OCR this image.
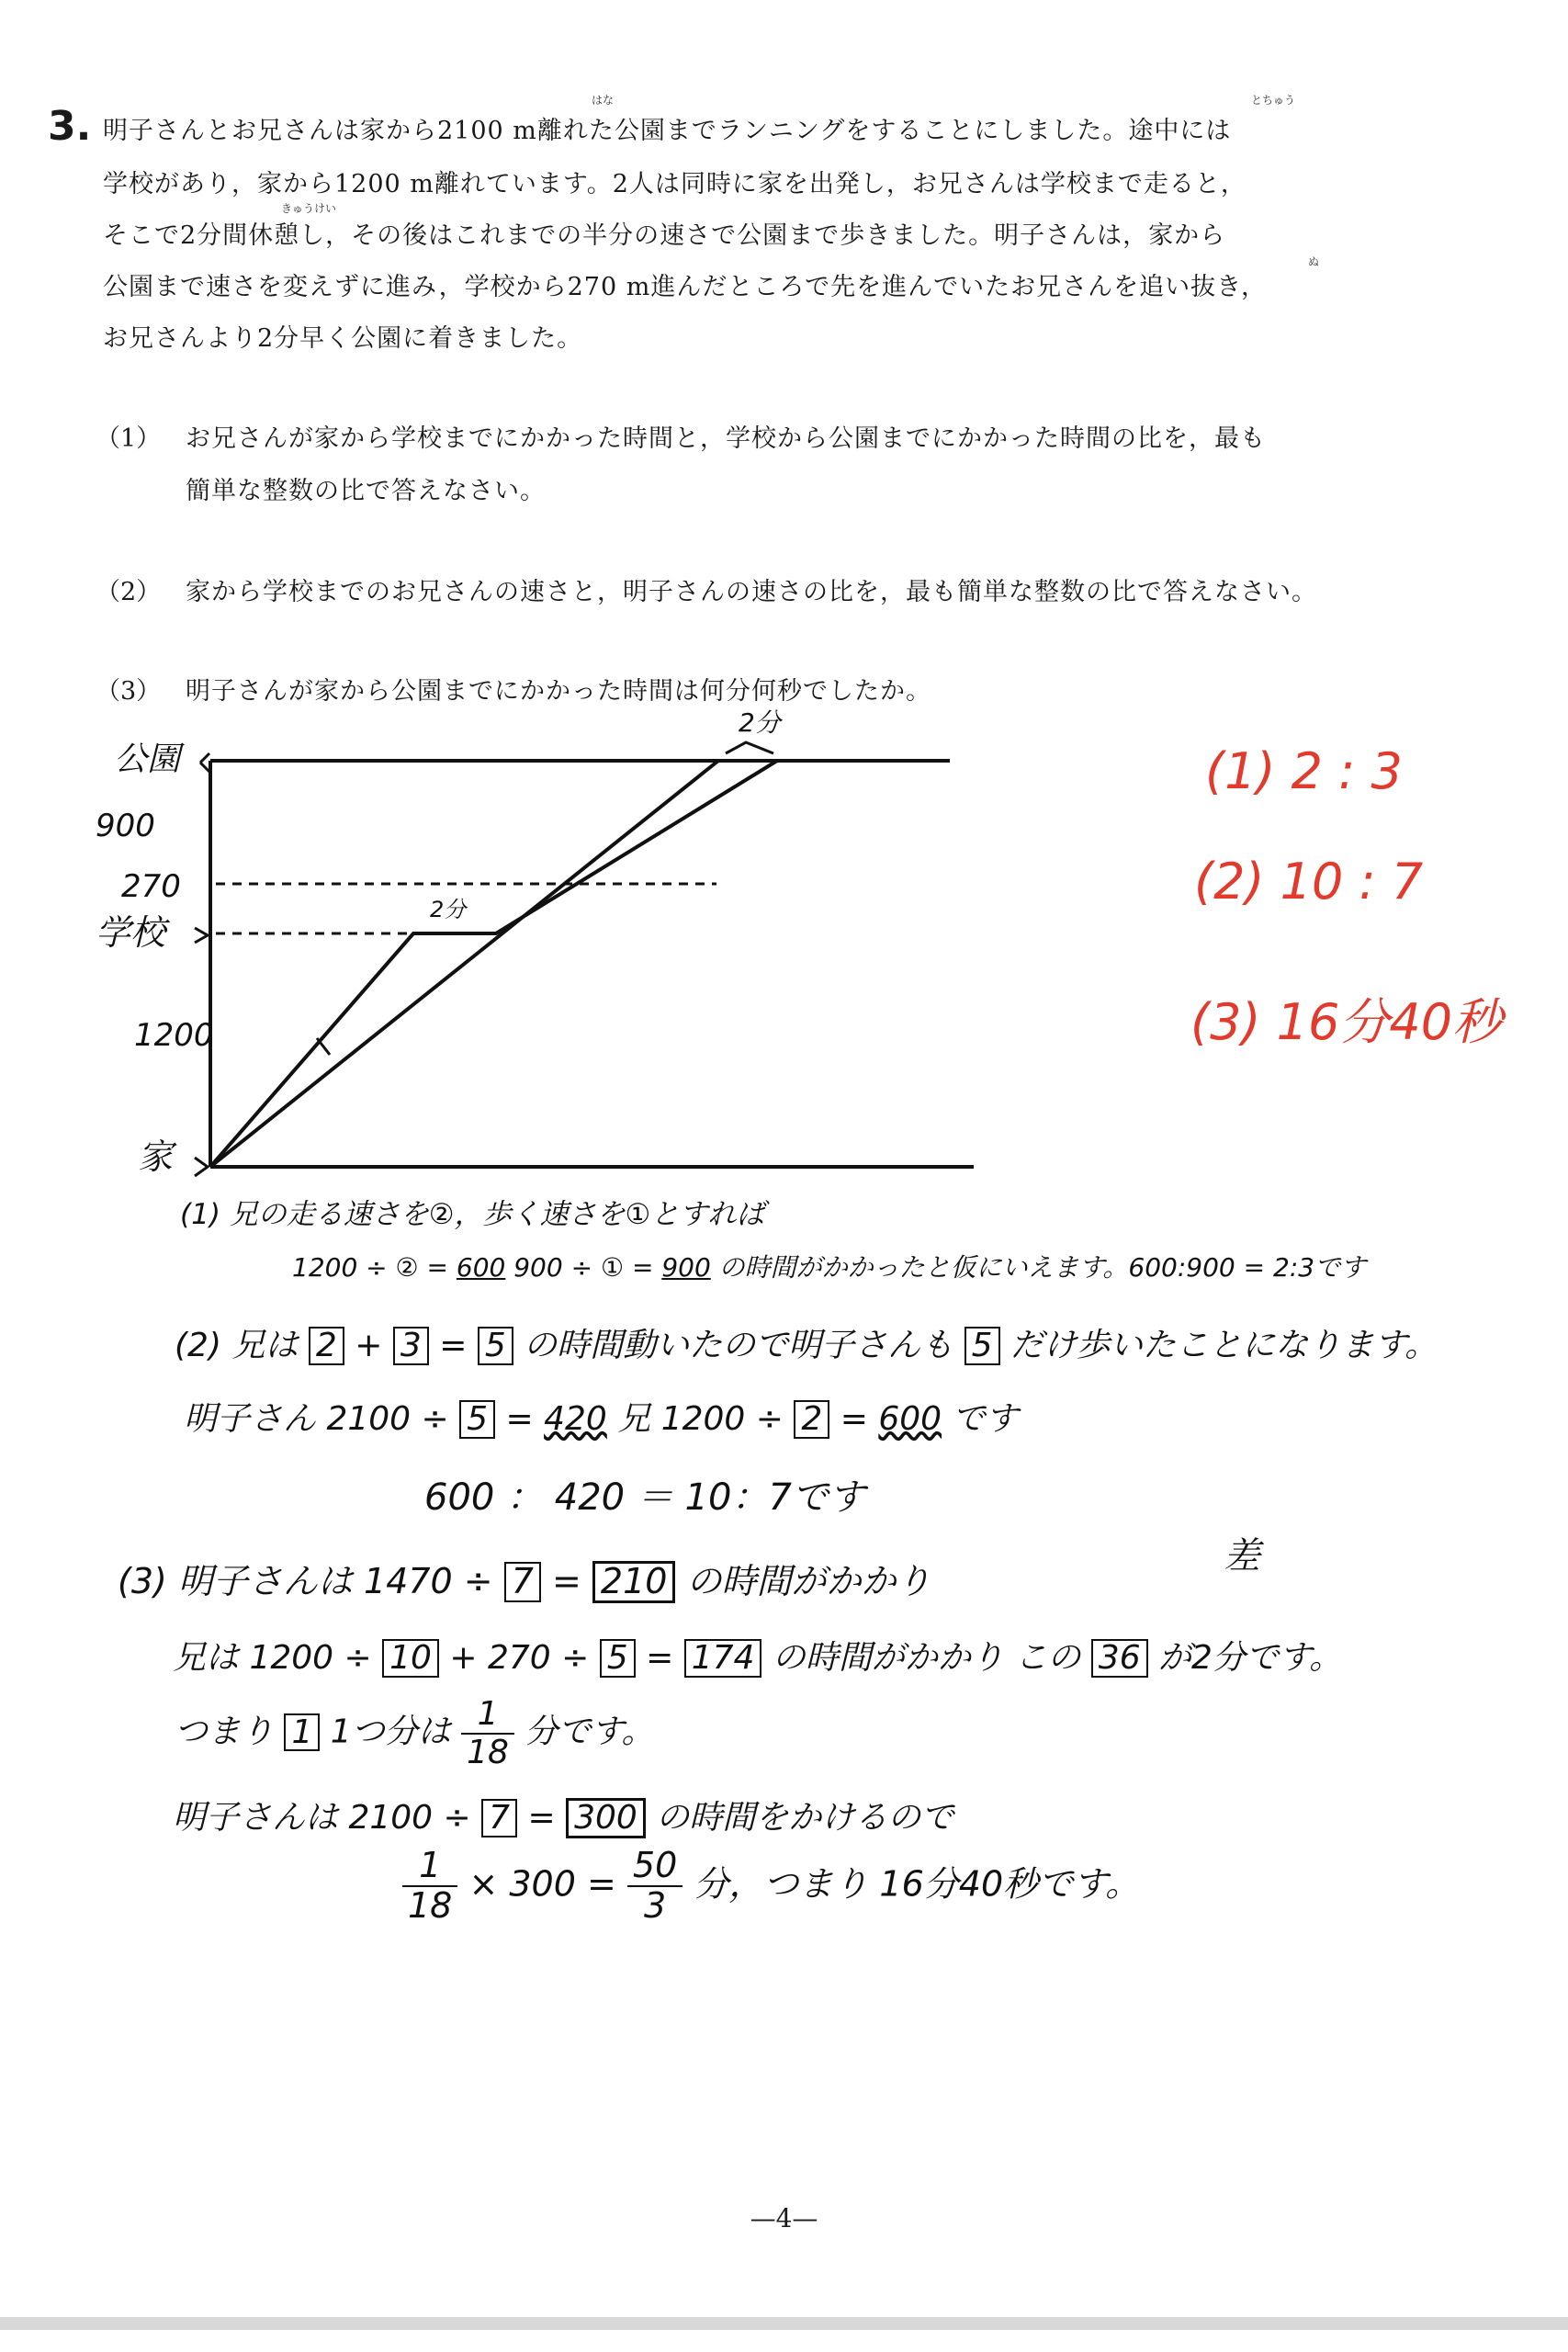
3.
はな	とちゅう
きゅうけい
ぬ
明子さんとお兄さんは家から2100 m離れた公園までランニングをすることにしました。途中には
学校があり，家から1200 m離れています。2人は同時に家を出発し，お兄さんは学校まで走ると，
そこで2分間休憩し，その後はこれまでの半分の速さで公園まで歩きました。明子さんは，家から
公園まで速さを変えずに進み，学校から270 m進んだところで先を進んでいたお兄さんを追い抜き，
お兄さんより2分早く公園に着きました。
（1） お兄さんが家から学校までにかかった時間と，学校から公園までにかかった時間の比を，最も
簡単な整数の比で答えなさい。
（2） 家から学校までのお兄さんの速さと，明子さんの速さの比を，最も簡単な整数の比で答えなさい。
（3） 明子さんが家から公園までにかかった時間は何分何秒でしたか。
公園
900
270
学校
1200
家
2分
2分
(1) 2 : 3
(2) 10 : 7
(3) 16分40秒
(1) 兄の走る速さを②，歩く速さを①とすれば
1200 ÷ ② = 600 900 ÷ ① = 900 の時間がかかったと仮にいえます。600:900 = 2:3です
(2) 兄は 2 + 3 = 5 の時間動いたので明子さんも 5 だけ歩いたことになります。
明子さん 2100 ÷ 5 = 420 兄 1200 ÷ 2 = 600 です
600 ： 420 ＝ 10：7です
差
(3) 明子さんは 1470 ÷ 7 = 210 の時間がかかり
兄は 1200 ÷ 10 + 270 ÷ 5 = 174 の時間がかかり この 36 が2分です。
つまり 1 1つ分は $\frac{1}{18}$ 分です。
明子さんは 2100 ÷ 7 = 300 の時間をかけるので
$\frac{1}{18} \times 300 = \frac{50}{3}$ 分，つまり 16分40秒です。
—4—
